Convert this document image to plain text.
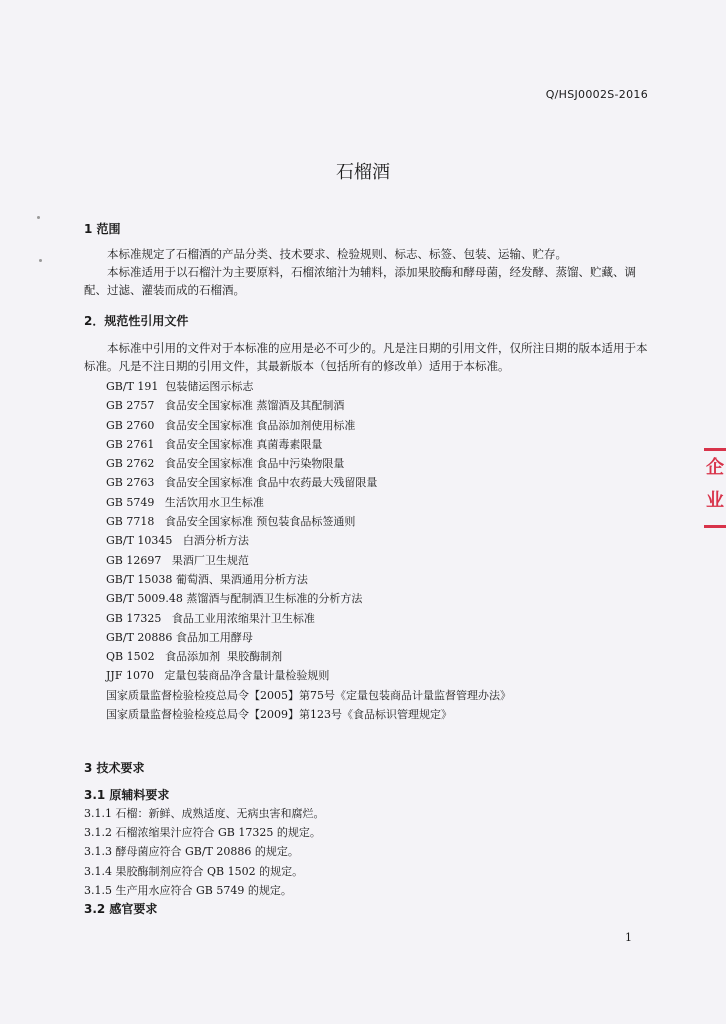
Q/HSJ0002S-2016
石榴酒
1 范围
本标准规定了石榴酒的产品分类、技术要求、检验规则、标志、标签、包装、运输、贮存。
本标准适用于以石榴汁为主要原料，石榴浓缩汁为辅料，添加果胶酶和酵母菌，经发酵、蒸馏、贮藏、调配、过滤、灌装而成的石榴酒。
2．规范性引用文件
本标准中引用的文件对于本标准的应用是必不可少的。凡是注日期的引用文件，仅所注日期的版本适用于本标准。凡是不注日期的引用文件，其最新版本（包括所有的修改单）适用于本标准。
GB/T 191  包装储运图示标志
GB 2757   食品安全国家标准 蒸馏酒及其配制酒
GB 2760   食品安全国家标准 食品添加剂使用标准
GB 2761   食品安全国家标准 真菌毒素限量
GB 2762   食品安全国家标准 食品中污染物限量
GB 2763   食品安全国家标准 食品中农药最大残留限量
GB 5749   生活饮用水卫生标准
GB 7718   食品安全国家标准 预包装食品标签通则
GB/T 10345   白酒分析方法
GB 12697   果酒厂卫生规范
GB/T 15038 葡萄酒、果酒通用分析方法
GB/T 5009.48 蒸馏酒与配制酒卫生标准的分析方法
GB 17325   食品工业用浓缩果汁卫生标准
GB/T 20886 食品加工用酵母
QB 1502   食品添加剂  果胶酶制剂
JJF 1070   定量包装商品净含量计量检验规则
国家质量监督检验检疫总局令【2005】第75号《定量包装商品计量监督管理办法》
国家质量监督检验检疫总局令【2009】第123号《食品标识管理规定》
3 技术要求
3.1 原辅料要求
3.1.1 石榴：新鲜、成熟适度、无病虫害和腐烂。
3.1.2 石榴浓缩果汁应符合 GB 17325 的规定。
3.1.3 酵母菌应符合 GB/T 20886 的规定。
3.1.4 果胶酶制剂应符合 QB 1502 的规定。
3.1.5 生产用水应符合 GB 5749 的规定。
3.2 感官要求
1
企
业
